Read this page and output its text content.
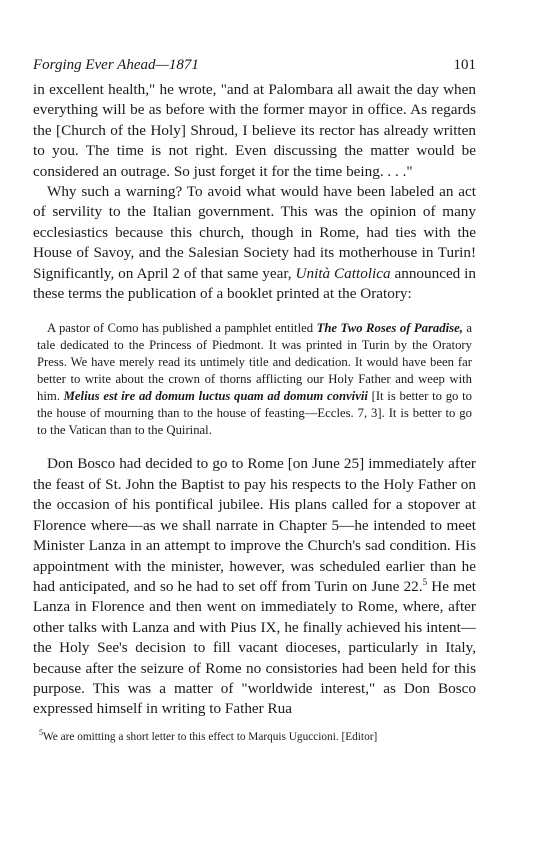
Forging Ever Ahead—1871	101

in excellent health," he wrote, "and at Palombara all await the day when everything will be as before with the former mayor in office. As regards the [Church of the Holy] Shroud, I believe its rector has already written to you. The time is not right. Even discussing the matter would be considered an outrage. So just forget it for the time being. . . ."

Why such a warning? To avoid what would have been labeled an act of servility to the Italian government. This was the opinion of many ecclesiastics because this church, though in Rome, had ties with the House of Savoy, and the Salesian Society had its motherhouse in Turin! Significantly, on April 2 of that same year, Unità Cattolica announced in these terms the publication of a booklet printed at the Oratory:

A pastor of Como has published a pamphlet entitled The Two Roses of Paradise, a tale dedicated to the Princess of Piedmont. It was printed in Turin by the Oratory Press. We have merely read its untimely title and dedication. It would have been far better to write about the crown of thorns afflicting our Holy Father and weep with him. Melius est ire ad domum luctus quam ad domum convivii [It is better to go to the house of mourning than to the house of feasting—Eccles. 7, 3]. It is better to go to the Vatican than to the Quirinal.

Don Bosco had decided to go to Rome [on June 25] immediately after the feast of St. John the Baptist to pay his respects to the Holy Father on the occasion of his pontifical jubilee. His plans called for a stopover at Florence where—as we shall narrate in Chapter 5—he intended to meet Minister Lanza in an attempt to improve the Church's sad condition. His appointment with the minister, however, was scheduled earlier than he had anticipated, and so he had to set off from Turin on June 22.$^5$ He met Lanza in Florence and then went on immediately to Rome, where, after other talks with Lanza and with Pius IX, he finally achieved his intent—the Holy See's decision to fill vacant dioceses, particularly in Italy, because after the seizure of Rome no consistories had been held for this purpose. This was a matter of "worldwide interest," as Don Bosco expressed himself in writing to Father Rua

$^5$We are omitting a short letter to this effect to Marquis Uguccioni. [Editor]
